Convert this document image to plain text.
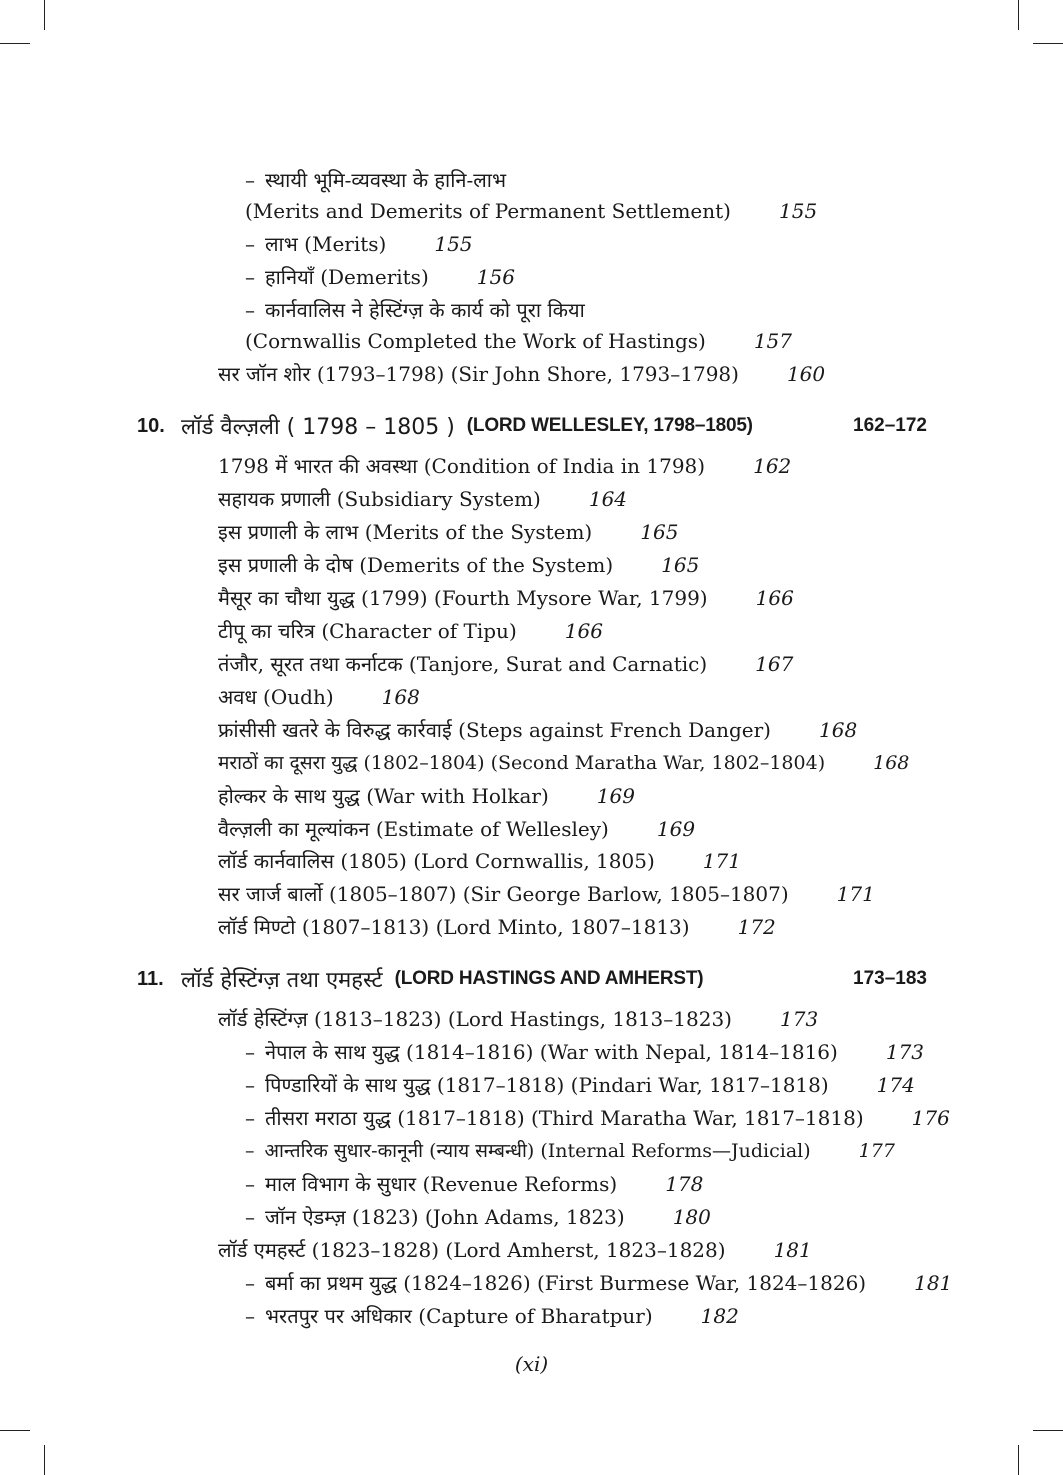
– स्थायी भूमि-व्यवस्था के हानि-लाभ
(Merits and Demerits of Permanent Settlement) 155
– लाभ (Merits) 155
– हानियाँ (Demerits) 156
– कार्नवालिस ने हेस्टिंग्ज़ के कार्य को पूरा किया
(Cornwallis Completed the Work of Hastings) 157
सर जॉन शोर (1793–1798) (Sir John Shore, 1793–1798) 160
10. लॉर्ड वैल्ज़ली ( 1798 – 1805 ) (LORD WELLESLEY, 1798–1805)	162–172
1798 में भारत की अवस्था (Condition of India in 1798) 162
सहायक प्रणाली (Subsidiary System) 164
इस प्रणाली के लाभ (Merits of the System) 165
इस प्रणाली के दोष (Demerits of the System) 165
मैसूर का चौथा युद्ध (1799) (Fourth Mysore War, 1799) 166
टीपू का चरित्र (Character of Tipu) 166
तंजौर, सूरत तथा कर्नाटक (Tanjore, Surat and Carnatic) 167
अवध (Oudh) 168
फ्रांसीसी खतरे के विरुद्ध कार्रवाई (Steps against French Danger) 168
मराठों का दूसरा युद्ध (1802–1804) (Second Maratha War, 1802–1804)	168
होल्कर के साथ युद्ध (War with Holkar) 169
वैल्ज़ली का मूल्यांकन (Estimate of Wellesley) 169
लॉर्ड कार्नवालिस (1805) (Lord Cornwallis, 1805) 171
सर जार्ज बार्लो (1805–1807) (Sir George Barlow, 1805–1807) 171
लॉर्ड मिण्टो (1807–1813) (Lord Minto, 1807–1813) 172
11. लॉर्ड हेस्टिंग्ज़ तथा एमहर्स्ट (LORD HASTINGS AND AMHERST)	173–183
लॉर्ड हेस्टिंग्ज़ (1813–1823) (Lord Hastings, 1813–1823) 173
– नेपाल के साथ युद्ध (1814–1816) (War with Nepal, 1814–1816) 173
– पिण्डारियों के साथ युद्ध (1817–1818) (Pindari War, 1817–1818) 174
– तीसरा मराठा युद्ध (1817–1818) (Third Maratha War, 1817–1818) 176
– आन्तरिक सुधार-कानूनी (न्याय सम्बन्धी) (Internal Reforms—Judicial)	177
– माल विभाग के सुधार (Revenue Reforms) 178
– जॉन ऐडम्ज़ (1823) (John Adams, 1823) 180
लॉर्ड एमहर्स्ट (1823–1828) (Lord Amherst, 1823–1828) 181
– बर्मा का प्रथम युद्ध (1824–1826) (First Burmese War, 1824–1826) 181
– भरतपुर पर अधिकार (Capture of Bharatpur) 182
(xi)
